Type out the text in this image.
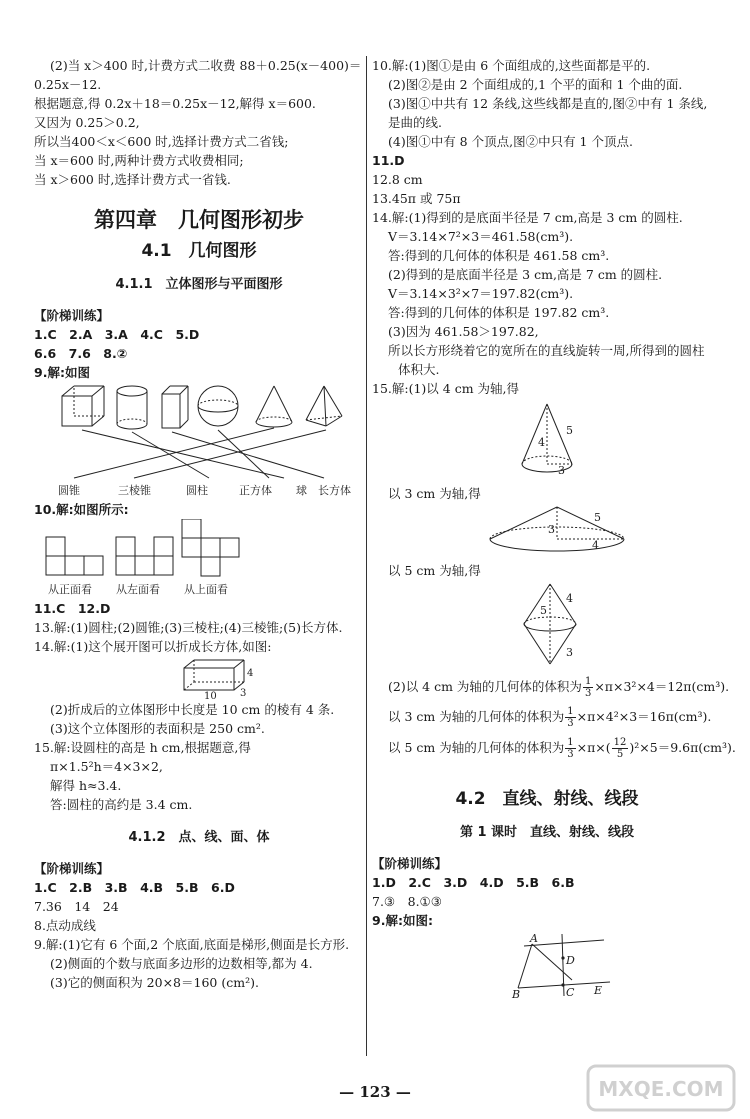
(2)当 x＞400 时,计费方式二收费 88＋0.25(x－400)＝
0.25x－12.
根据题意,得 0.2x＋18＝0.25x－12,解得 x＝600.
又因为 0.25＞0.2,
所以当400＜x＜600 时,选择计费方式二省钱;
当 x＝600 时,两种计费方式收费相同;
当 x＞600 时,选择计费方式一省钱.
第四章　几何图形初步
4.1　几何图形
4.1.1　立体图形与平面图形
【阶梯训练】
1.C　2.A　3.A　4.C　5.D
6.6　7.6　8.②
9.解:如图
圆锥	三棱锥	圆柱	正方体 球 长方体
10.解:如图所示:
从正面看 从左面看 从上面看
11.C　12.D
13.解:(1)圆柱;(2)圆锥;(3)三棱柱;(4)三棱锥;(5)长方体.
14.解:(1)这个展开图可以折成长方体,如图:
10
4
3
(2)折成后的立体图形中长度是 10 cm 的棱有 4 条.
(3)这个立体图形的表面积是 250 cm².
15.解:设圆柱的高是 h cm,根据题意,得
π×1.5²h＝4×3×2,
解得 h≈3.4.
答:圆柱的高约是 3.4 cm.
4.1.2　点、线、面、体
【阶梯训练】
1.C　2.B　3.B　4.B　5.B　6.D
7.36　14　24
8.点动成线
9.解:(1)它有 6 个面,2 个底面,底面是梯形,侧面是长方形.
(2)侧面的个数与底面多边形的边数相等,都为 4.
(3)它的侧面积为 20×8＝160 (cm²).
10.解:(1)图①是由 6 个面组成的,这些面都是平的.
(2)图②是由 2 个面组成的,1 个平的面和 1 个曲的面.
(3)图①中共有 12 条线,这些线都是直的,图②中有 1 条线,
是曲的线.
(4)图①中有 8 个顶点,图②中只有 1 个顶点.
11.D
12.8 cm
13.45π 或 75π
14.解:(1)得到的是底面半径是 7 cm,高是 3 cm 的圆柱.
V＝3.14×7²×3＝461.58(cm³).
答:得到的几何体的体积是 461.58 cm³.
(2)得到的是底面半径是 3 cm,高是 7 cm 的圆柱.
V＝3.14×3²×7＝197.82(cm³).
答:得到的几何体的体积是 197.82 cm³.
(3)因为 461.58＞197.82,
所以长方形绕着它的宽所在的直线旋转一周,所得到的圆柱
体积大.
15.解:(1)以 4 cm 为轴,得
5
4
3
以 3 cm 为轴,得
5
3
4
以 5 cm 为轴,得
4
5
3
(2)以 4 cm 为轴的几何体的体积为 $\frac{1}{3} \times\pi\times 3^2\times 4=12\pi(cm^3)$.
以 3 cm 为轴的几何体的体积为 $\frac{1}{3} \times\pi\times 4^2\times 3=16\pi(cm^3)$.
以 5 cm 为轴的几何体的体积为 $\frac{1}{3} \times\pi\times( \frac{12}{5} )^2\times 5=9.6\pi(cm^3)$.
4.2　直线、射线、线段
第 1 课时　直线、射线、线段
【阶梯训练】
1.D　2.C　3.D　4.D　5.B　6.B
7.③　8.①③
9.解:如图:
A
D
B	C E
— 123 —	MXQE.COM
